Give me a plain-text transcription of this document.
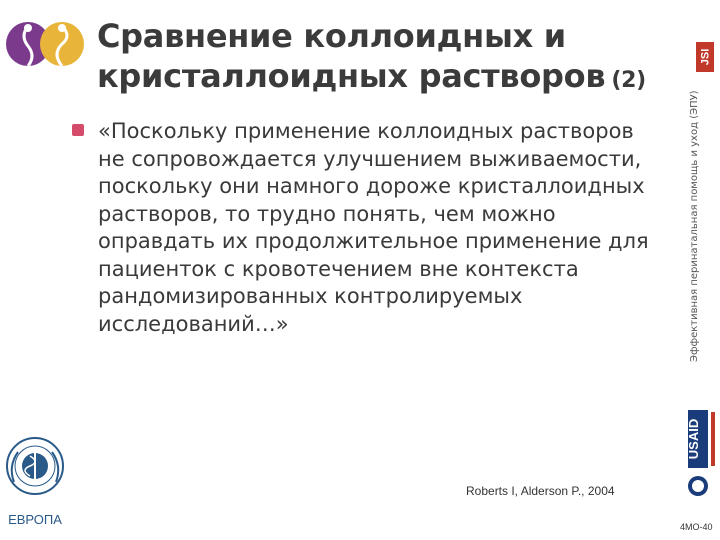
Сравнение коллоидных и кристаллоидных растворов (2)
JSI
«Поскольку применение коллоидных растворов не сопровождается улучшением выживаемости, поскольку они намного дороже кристаллоидных растворов, то трудно понять, чем можно оправдать их продолжительное применение для пациенток с кровотечением вне контекста рандомизированных контролируемых исследований…»	Эффективная перинатальная помощь и уход (ЭПУ)
USAID
ЕВРОПА
Roberts I, Alderson P., 2004
4МО-40
